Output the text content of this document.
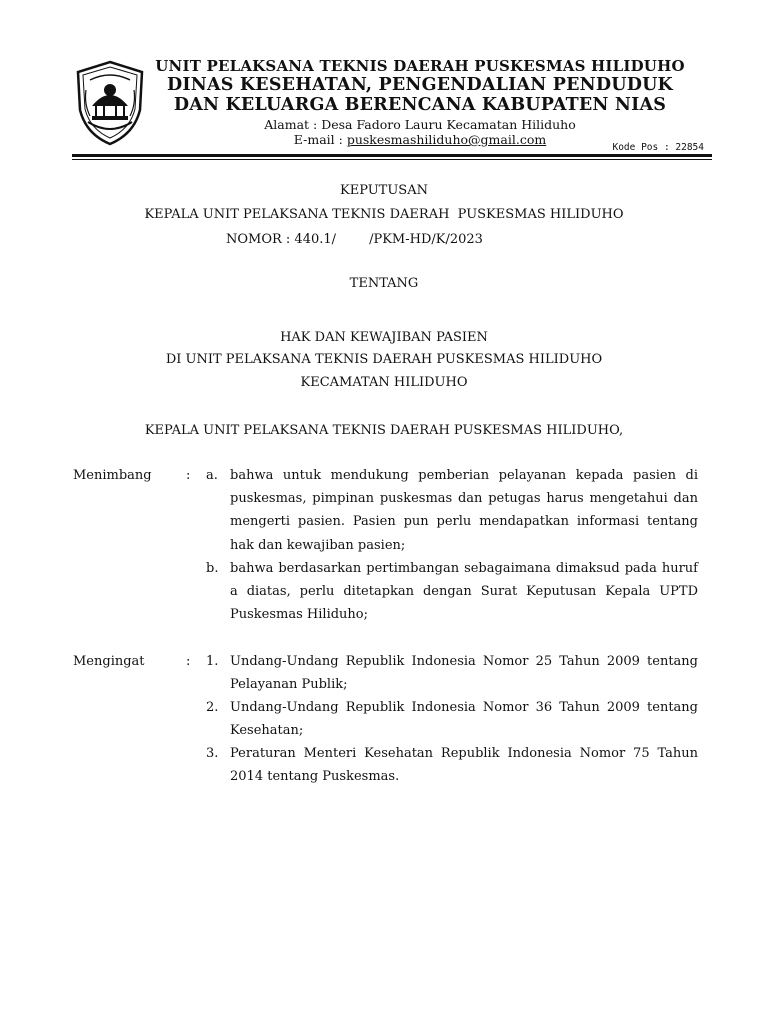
UNIT PELAKSANA TEKNIS DAERAH PUSKESMAS HILIDUHO
DINAS KESEHATAN, PENGENDALIAN PENDUDUK
DAN KELUARGA BERENCANA KABUPATEN NIAS
Alamat : Desa Fadoro Lauru Kecamatan Hiliduho
E-mail : puskesmashiliduho@gmail.com
Kode Pos : 22854
KEPUTUSAN
KEPALA UNIT PELAKSANA TEKNIS DAERAH  PUSKESMAS HILIDUHO
NOMOR : 440.1/        /PKM-HD/K/2023
TENTANG
HAK DAN KEWAJIBAN PASIEN
DI UNIT PELAKSANA TEKNIS DAERAH PUSKESMAS HILIDUHO
KECAMATAN HILIDUHO
KEPALA UNIT PELAKSANA TEKNIS DAERAH PUSKESMAS HILIDUHO,
Menimbang	: a. bahwa untuk mendukung pemberian pelayanan kepada pasien di puskesmas, pimpinan puskesmas dan petugas harus mengetahui dan mengerti pasien. Pasien pun perlu mendapatkan informasi tentang hak dan kewajiban pasien;
b. bahwa berdasarkan pertimbangan sebagaimana dimaksud pada huruf a diatas, perlu ditetapkan dengan Surat Keputusan Kepala UPTD Puskesmas Hiliduho;
Mengingat	: 1. Undang-Undang Republik Indonesia Nomor 25 Tahun 2009 tentang Pelayanan Publik;
2. Undang-Undang Republik Indonesia Nomor 36 Tahun 2009 tentang Kesehatan;
3. Peraturan Menteri Kesehatan Republik Indonesia Nomor 75 Tahun 2014 tentang Puskesmas.
